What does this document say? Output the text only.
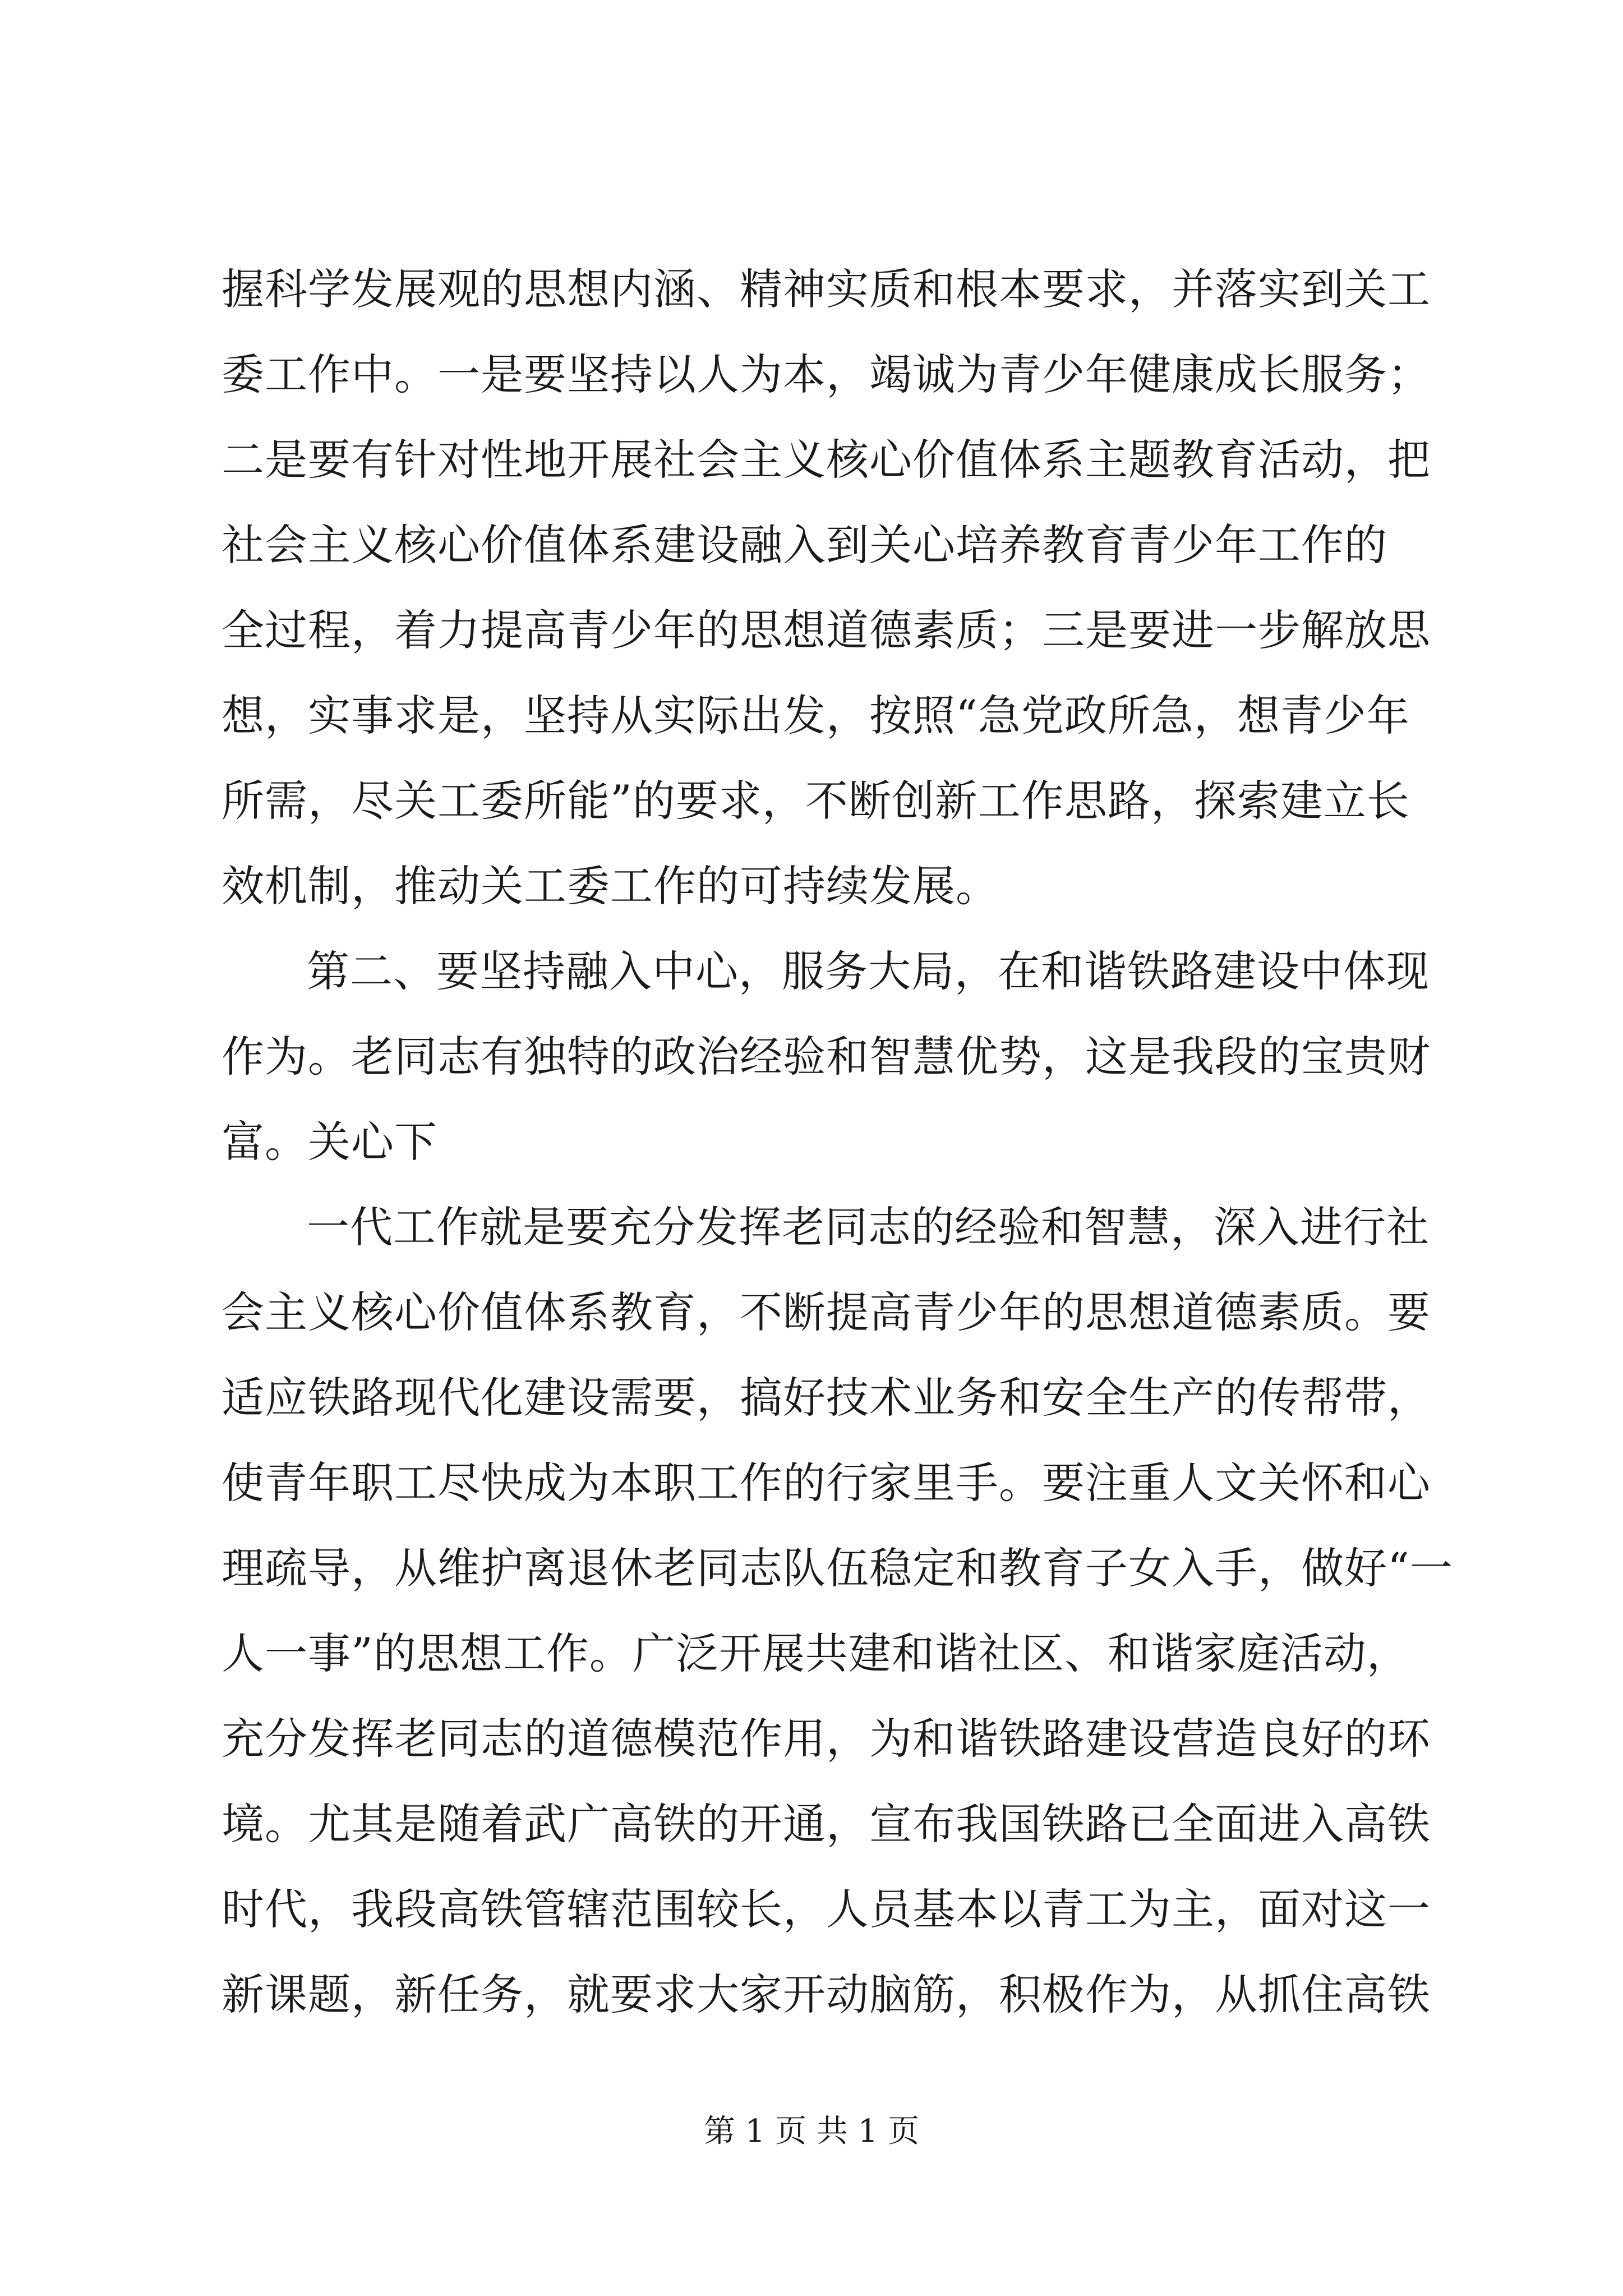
握科学发展观的思想内涵、精神实质和根本要求，并落实到关工
委工作中。一是要坚持以人为本，竭诚为青少年健康成长服务；
二是要有针对性地开展社会主义核心价值体系主题教育活动，把
社会主义核心价值体系建设融入到关心培养教育青少年工作的
全过程，着力提高青少年的思想道德素质；三是要进一步解放思
想，实事求是，坚持从实际出发，按照“急党政所急，想青少年
所需，尽关工委所能”的要求，不断创新工作思路，探索建立长
效机制，推动关工委工作的可持续发展。
第二、要坚持融入中心，服务大局，在和谐铁路建设中体现
作为。老同志有独特的政治经验和智慧优势，这是我段的宝贵财
富。关心下
一代工作就是要充分发挥老同志的经验和智慧，深入进行社
会主义核心价值体系教育，不断提高青少年的思想道德素质。要
适应铁路现代化建设需要，搞好技术业务和安全生产的传帮带，
使青年职工尽快成为本职工作的行家里手。要注重人文关怀和心
理疏导，从维护离退休老同志队伍稳定和教育子女入手，做好“一
人一事”的思想工作。广泛开展共建和谐社区、和谐家庭活动，
充分发挥老同志的道德模范作用，为和谐铁路建设营造良好的环
境。尤其是随着武广高铁的开通，宣布我国铁路已全面进入高铁
时代，我段高铁管辖范围较长，人员基本以青工为主，面对这一
新课题，新任务，就要求大家开动脑筋，积极作为，从抓住高铁
第 1 页 共 1 页
